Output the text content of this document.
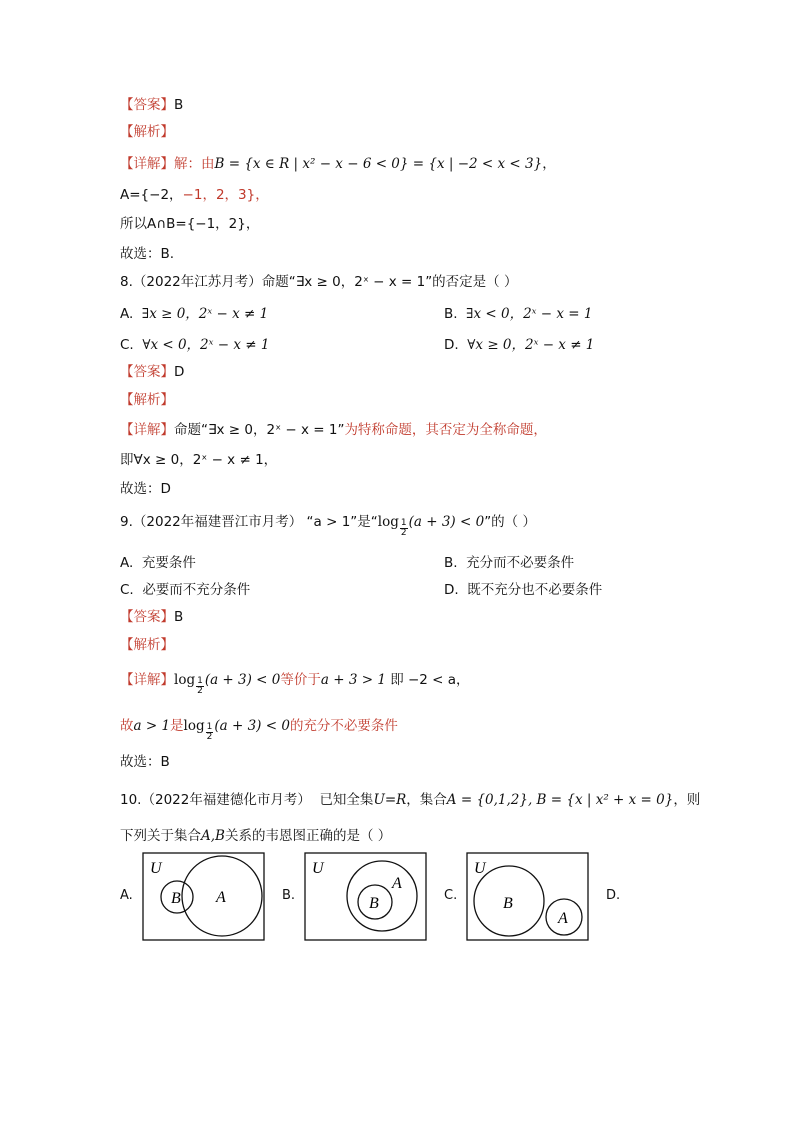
【答案】B
【解析】
【详解】解：由B = {x ∈ R | x² − x − 6 < 0} = {x | −2 < x < 3}，
A={−2，−1，2，3}，
所以A∩B={−1，2}，
故选：B.
8.（2022年江苏月考）命题“∃x ≥ 0，2ˣ − x = 1”的否定是（ ）
A. ∃x ≥ 0，2ˣ − x ≠ 1	B. ∃x < 0，2ˣ − x = 1
C. ∀x < 0，2ˣ − x ≠ 1	D. ∀x ≥ 0，2ˣ − x ≠ 1
【答案】D
【解析】
【详解】命题“∃x ≥ 0，2ˣ − x = 1”为特称命题，其否定为全称命题，
即∀x ≥ 0，2ˣ − x ≠ 1，
故选：D
9.（2022年福建晋江市月考） “a > 1”是“$\log \frac{1}{2} (a + 3) < 0$”的（ ）
A. 充要条件	B. 充分而不必要条件
C. 必要而不充分条件	D. 既不充分也不必要条件
【答案】B
【解析】
【详解】$\log \frac{1}{2} (a + 3) < 0$等价于a + 3 > 1 即 −2 < a，
故a > 1是$\log \frac{1}{2} (a + 3) < 0$的充分不必要条件
故选：B
10.（2022年福建德化市月考） 已知全集U=R，集合A = {0,1,2}, B = {x | x² + x = 0}，则
下列关于集合A,B关系的韦恩图正确的是（ ）
A.	B.	C.	D.
U
A
B
U
A
B
U
B
A
